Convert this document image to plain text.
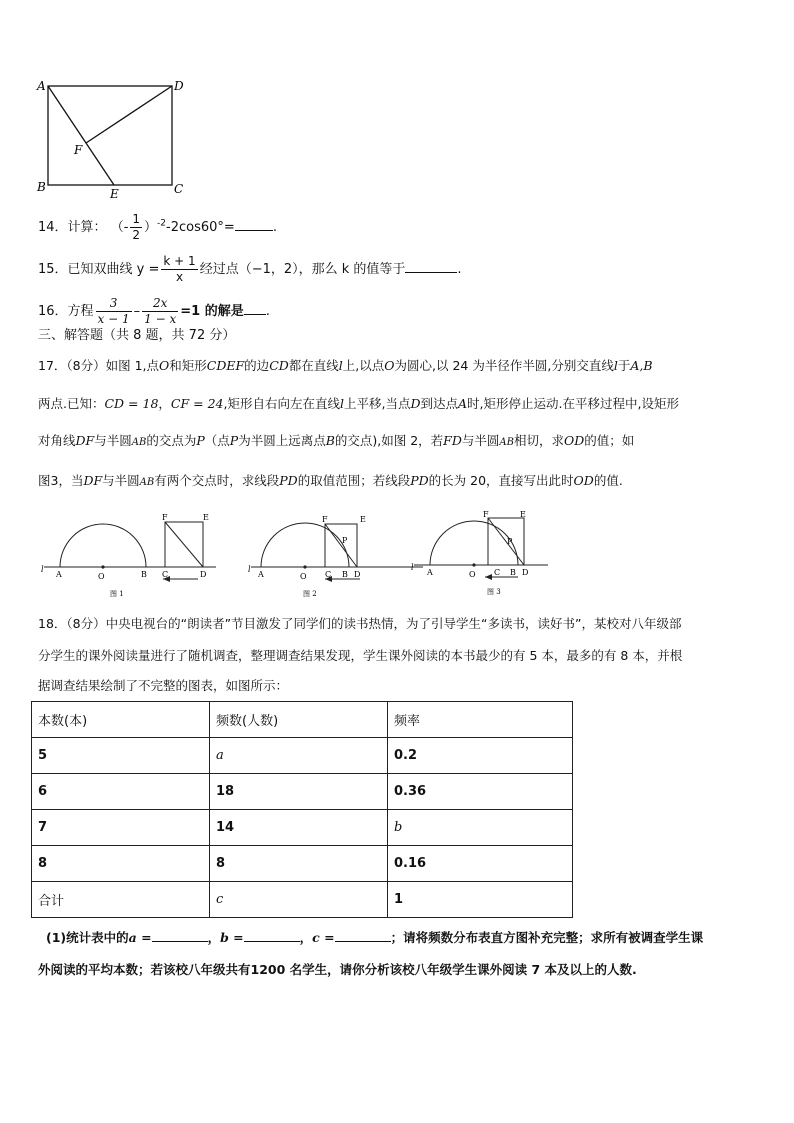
A	D
F
B	E	C
14．计算： （- $\frac{1}{2} )^{-2}-2\cos 60^\circ=$	.
15．已知双曲线 $y = \frac{k + 1}{x}$ 经过点（−1，2），那么 k 的值等于	.
16．方程 $\frac{3}{x - 1} - \frac{2x}{1 - x} =1$ 的解是 .
三、解答题（共 8 题，共 72 分）
17．（8分）如图 1,点O和矩形CDEF的边CD都在直线l上,以点O为圆心,以 24 为半径作半圆,分别交直线l于A,B
两点.已知：CD = 18，CF = 24,矩形自右向左在直线l上平移,当点D到达点A时,矩形停止运动.在平移过程中,设矩形
对角线DF与半圆AB的交点为P（点P为半圆上远离点B的交点),如图 2，若FD与半圆AB相切，求OD的值；如
图3，当DF与半圆AB有两个交点时，求线段PD的取值范围；若线段PD的长为 20，直接写出此时OD的值.
l
A	O	B C	D
F	E
图 1
l
A	O C B D
F	E
P
图 2
l
A	O C B D
F	E
P
图 3
18．（8分）中央电视台的“朗读者”节目激发了同学们的读书热情，为了引导学生“多读书，读好书”，某校对八年级部
分学生的课外阅读量进行了随机调查，整理调查结果发现，学生课外阅读的本书最少的有 5 本，最多的有 8 本，并根
据调查结果绘制了不完整的图表，如图所示：
本数(本)	频数(人数)	频率
5	a	0.2
6	18	0.36
7	14	b
8	8	0.16
合计	c	1
(1)统计表中的a =	，b =	，c =	；请将频数分布表直方图补充完整；求所有被调查学生课
外阅读的平均本数；若该校八年级共有1200 名学生，请你分析该校八年级学生课外阅读 7 本及以上的人数.
